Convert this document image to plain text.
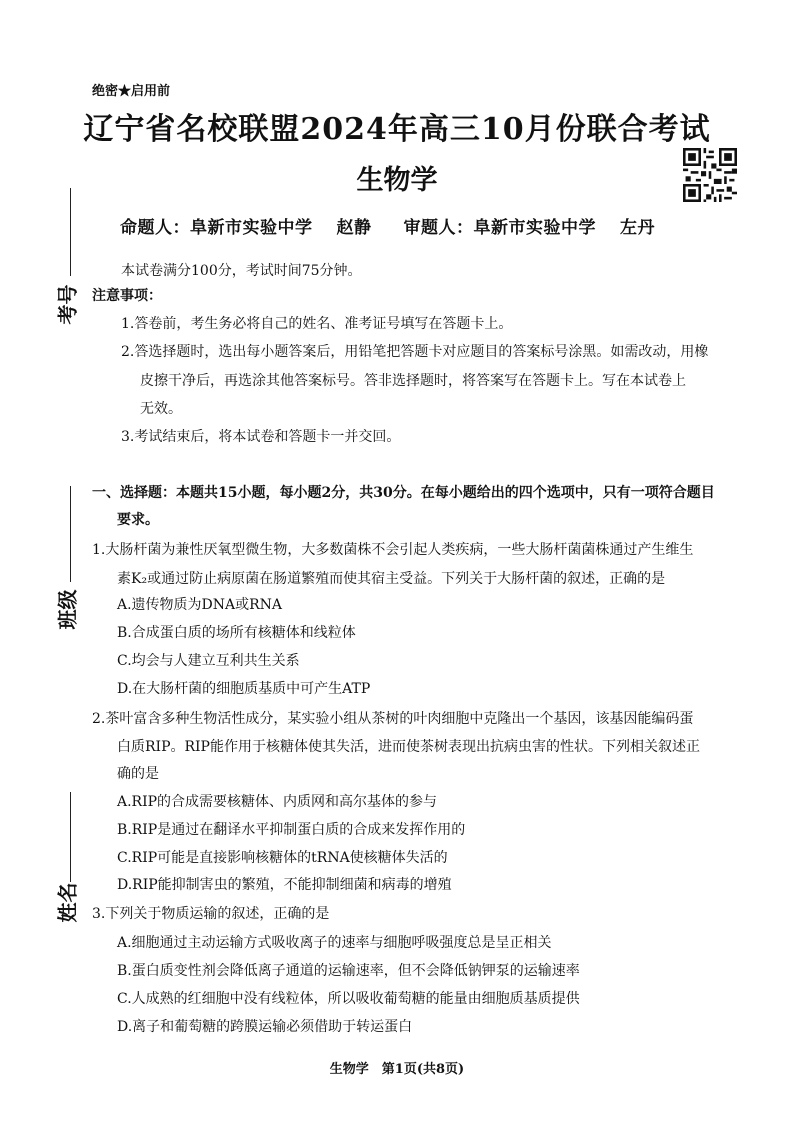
考号
班级
姓名
绝密★启用前
辽宁省名校联盟2024年高三10月份联合考试
生物学
命题人：阜新市实验中学 赵静 审题人：阜新市实验中学 左丹
本试卷满分100分，考试时间75分钟。
注意事项：
1.答卷前，考生务必将自己的姓名、准考证号填写在答题卡上。
2.答选择题时，选出每小题答案后，用铅笔把答题卡对应题目的答案标号涂黑。如需改动，用橡
皮擦干净后，再选涂其他答案标号。答非选择题时，将答案写在答题卡上。写在本试卷上
无效。
3.考试结束后，将本试卷和答题卡一并交回。
一、选择题：本题共15小题，每小题2分，共30分。在每小题给出的四个选项中，只有一项符合题目
要求。
1.大肠杆菌为兼性厌氧型微生物，大多数菌株不会引起人类疾病，一些大肠杆菌菌株通过产生维生
素K₂或通过防止病原菌在肠道繁殖而使其宿主受益。下列关于大肠杆菌的叙述，正确的是
A.遗传物质为DNA或RNA
B.合成蛋白质的场所有核糖体和线粒体
C.均会与人建立互利共生关系
D.在大肠杆菌的细胞质基质中可产生ATP
2.茶叶富含多种生物活性成分，某实验小组从茶树的叶肉细胞中克隆出一个基因，该基因能编码蛋
白质RIP。RIP能作用于核糖体使其失活，进而使茶树表现出抗病虫害的性状。下列相关叙述正
确的是
A.RIP的合成需要核糖体、内质网和高尔基体的参与
B.RIP是通过在翻译水平抑制蛋白质的合成来发挥作用的
C.RIP可能是直接影响核糖体的tRNA使核糖体失活的
D.RIP能抑制害虫的繁殖，不能抑制细菌和病毒的增殖
3.下列关于物质运输的叙述，正确的是
A.细胞通过主动运输方式吸收离子的速率与细胞呼吸强度总是呈正相关
B.蛋白质变性剂会降低离子通道的运输速率，但不会降低钠钾泵的运输速率
C.人成熟的红细胞中没有线粒体，所以吸收葡萄糖的能量由细胞质基质提供
D.离子和葡萄糖的跨膜运输必须借助于转运蛋白
生物学　第1页(共8页)
